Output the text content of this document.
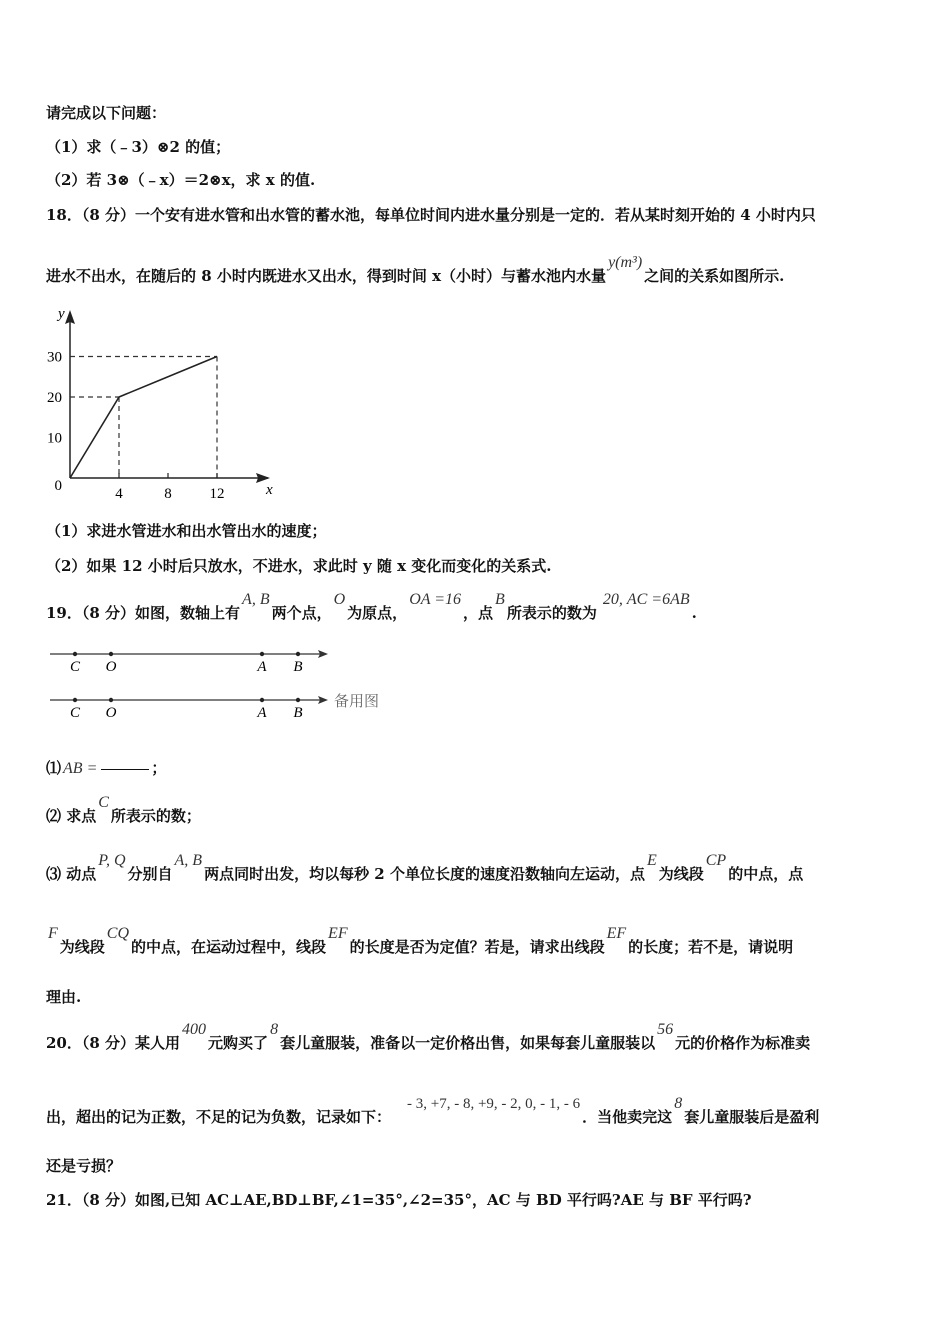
请完成以下问题：
（1）求（﹣3）⊗2 的值；
（2）若 3⊗（﹣x）＝2⊗x，求 x 的值.
18．（8 分）一个安有进水管和出水管的蓄水池，每单位时间内进水量分别是一定的．若从某时刻开始的 4 小时内只
进水不出水，在随后的 8 小时内既进水又出水，得到时间 x（小时）与蓄水池内水量y(m³)之间的关系如图所示.
y
x
4	8	12
0
10
20
30
（1）求进水管进水和出水管出水的速度；
（2）如果 12 小时后只放水，不进水，求此时 y 随 x 变化而变化的关系式.
19．（8 分）如图，数轴上有A, B两个点，O为原点，OA =16，点B所表示的数为20, AC =6AB.
C O	A B
C O	A B
备用图
⑴ AB =	；
⑵ 求点C所表示的数；
⑶ 动点P, Q分别自A, B两点同时出发，均以每秒 2 个单位长度的速度沿数轴向左运动，点E为线段CP的中点，点
F为线段CQ的中点，在运动过程中，线段EF的长度是否为定值？若是，请求出线段EF的长度；若不是，请说明
理由.
20．（8 分）某人用400元购买了8套儿童服装，准备以一定价格出售，如果每套儿童服装以56元的价格作为标准卖
出，超出的记为正数，不足的记为负数，记录如下：- 3, +7, - 8, +9, - 2, 0, - 1, - 6．当他卖完这8套儿童服装后是盈利
还是亏损？
21．（8 分）如图,已知 AC⊥AE,BD⊥BF,∠1=35°,∠2=35°，AC 与 BD 平行吗?AE 与 BF 平行吗?
